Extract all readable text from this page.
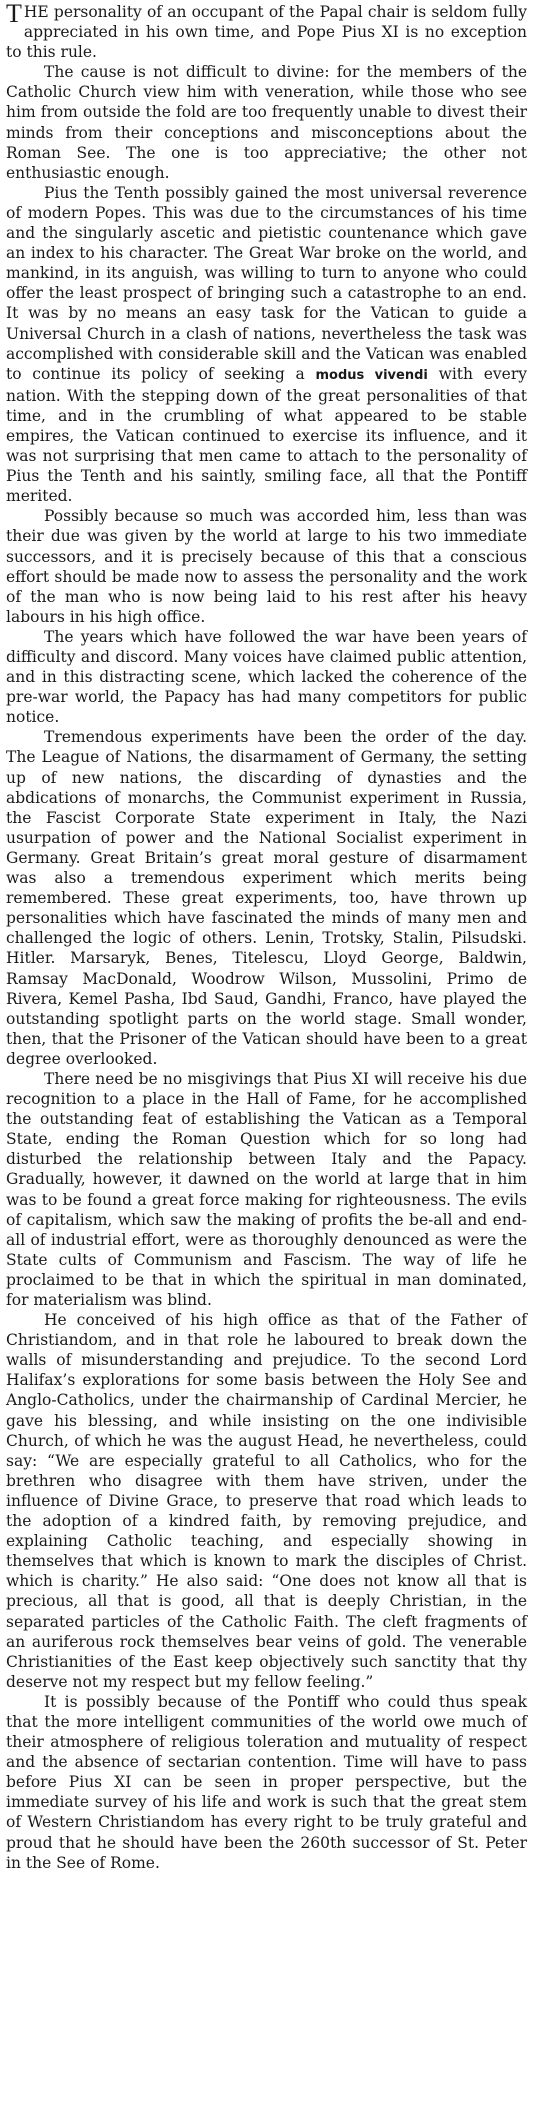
THE personality of an occupant of the Papal chair is seldom fully appreciated in his own time, and Pope Pius XI is no exception to this rule.

The cause is not difficult to divine: for the members of the Catholic Church view him with veneration, while those who see him from outside the fold are too frequently unable to divest their minds from their conceptions and misconceptions about the Roman See. The one is too appreciative; the other not enthusiastic enough.

Pius the Tenth possibly gained the most universal reverence of modern Popes. This was due to the circumstances of his time and the singularly ascetic and pietistic countenance which gave an index to his character. The Great War broke on the world, and mankind, in its anguish, was willing to turn to anyone who could offer the least prospect of bringing such a catastrophe to an end. It was by no means an easy task for the Vatican to guide a Universal Church in a clash of nations, nevertheless the task was accomplished with considerable skill and the Vatican was enabled to continue its policy of seeking a modus vivendi with every nation. With the stepping down of the great personalities of that time, and in the crumbling of what appeared to be stable empires, the Vatican continued to exercise its influence, and it was not surprising that men came to attach to the personality of Pius the Tenth and his saintly, smiling face, all that the Pontiff merited.

Possibly because so much was accorded him, less than was their due was given by the world at large to his two immediate successors, and it is precisely because of this that a conscious effort should be made now to assess the personality and the work of the man who is now being laid to his rest after his heavy labours in his high office.

The years which have followed the war have been years of difficulty and discord. Many voices have claimed public attention, and in this distracting scene, which lacked the coherence of the pre-war world, the Papacy has had many competitors for public notice.

Tremendous experiments have been the order of the day. The League of Nations, the disarmament of Germany, the setting up of new nations, the discarding of dynasties and the abdications of monarchs, the Communist experiment in Russia, the Fascist Corporate State experiment in Italy, the Nazi usurpation of power and the National Socialist experiment in Germany. Great Britain’s great moral gesture of disarmament was also a tremendous experiment which merits being remembered. These great experiments, too, have thrown up personalities which have fascinated the minds of many men and challenged the logic of others. Lenin, Trotsky, Stalin, Pilsudski. Hitler. Marsaryk, Benes, Titelescu, Lloyd George, Baldwin, Ramsay MacDonald, Woodrow Wilson, Mussolini, Primo de Rivera, Kemel Pasha, Ibd Saud, Gandhi, Franco, have played the outstanding spotlight parts on the world stage. Small wonder, then, that the Prisoner of the Vatican should have been to a great degree overlooked.

There need be no misgivings that Pius XI will receive his due recognition to a place in the Hall of Fame, for he accomplished the outstanding feat of establishing the Vatican as a Temporal State, ending the Roman Question which for so long had disturbed the relationship between Italy and the Papacy. Gradually, however, it dawned on the world at large that in him was to be found a great force making for righteousness. The evils of capitalism, which saw the making of profits the be-all and end-all of industrial effort, were as thoroughly denounced as were the State cults of Communism and Fascism. The way of life he proclaimed to be that in which the spiritual in man dominated, for materialism was blind.

He conceived of his high office as that of the Father of Christiandom, and in that role he laboured to break down the walls of misunderstanding and prejudice. To the second Lord Halifax’s explorations for some basis between the Holy See and Anglo-Catholics, under the chairmanship of Cardinal Mercier, he gave his blessing, and while insisting on the one indivisible Church, of which he was the august Head, he nevertheless, could say: “We are especially grateful to all Catholics, who for the brethren who disagree with them have striven, under the influence of Divine Grace, to preserve that road which leads to the adoption of a kindred faith, by removing prejudice, and explaining Catholic teaching, and especially showing in themselves that which is known to mark the disciples of Christ. which is charity.” He also said: “One does not know all that is precious, all that is good, all that is deeply Christian, in the separated particles of the Catholic Faith. The cleft fragments of an auriferous rock themselves bear veins of gold. The venerable Christianities of the East keep objectively such sanctity that thy deserve not my respect but my fellow feeling.”

It is possibly because of the Pontiff who could thus speak that the more intelligent communities of the world owe much of their atmosphere of religious toleration and mutuality of respect and the absence of sectarian contention. Time will have to pass before Pius XI can be seen in proper perspective, but the immediate survey of his life and work is such that the great stem of Western Christiandom has every right to be truly grateful and proud that he should have been the 260th successor of St. Peter in the See of Rome.
